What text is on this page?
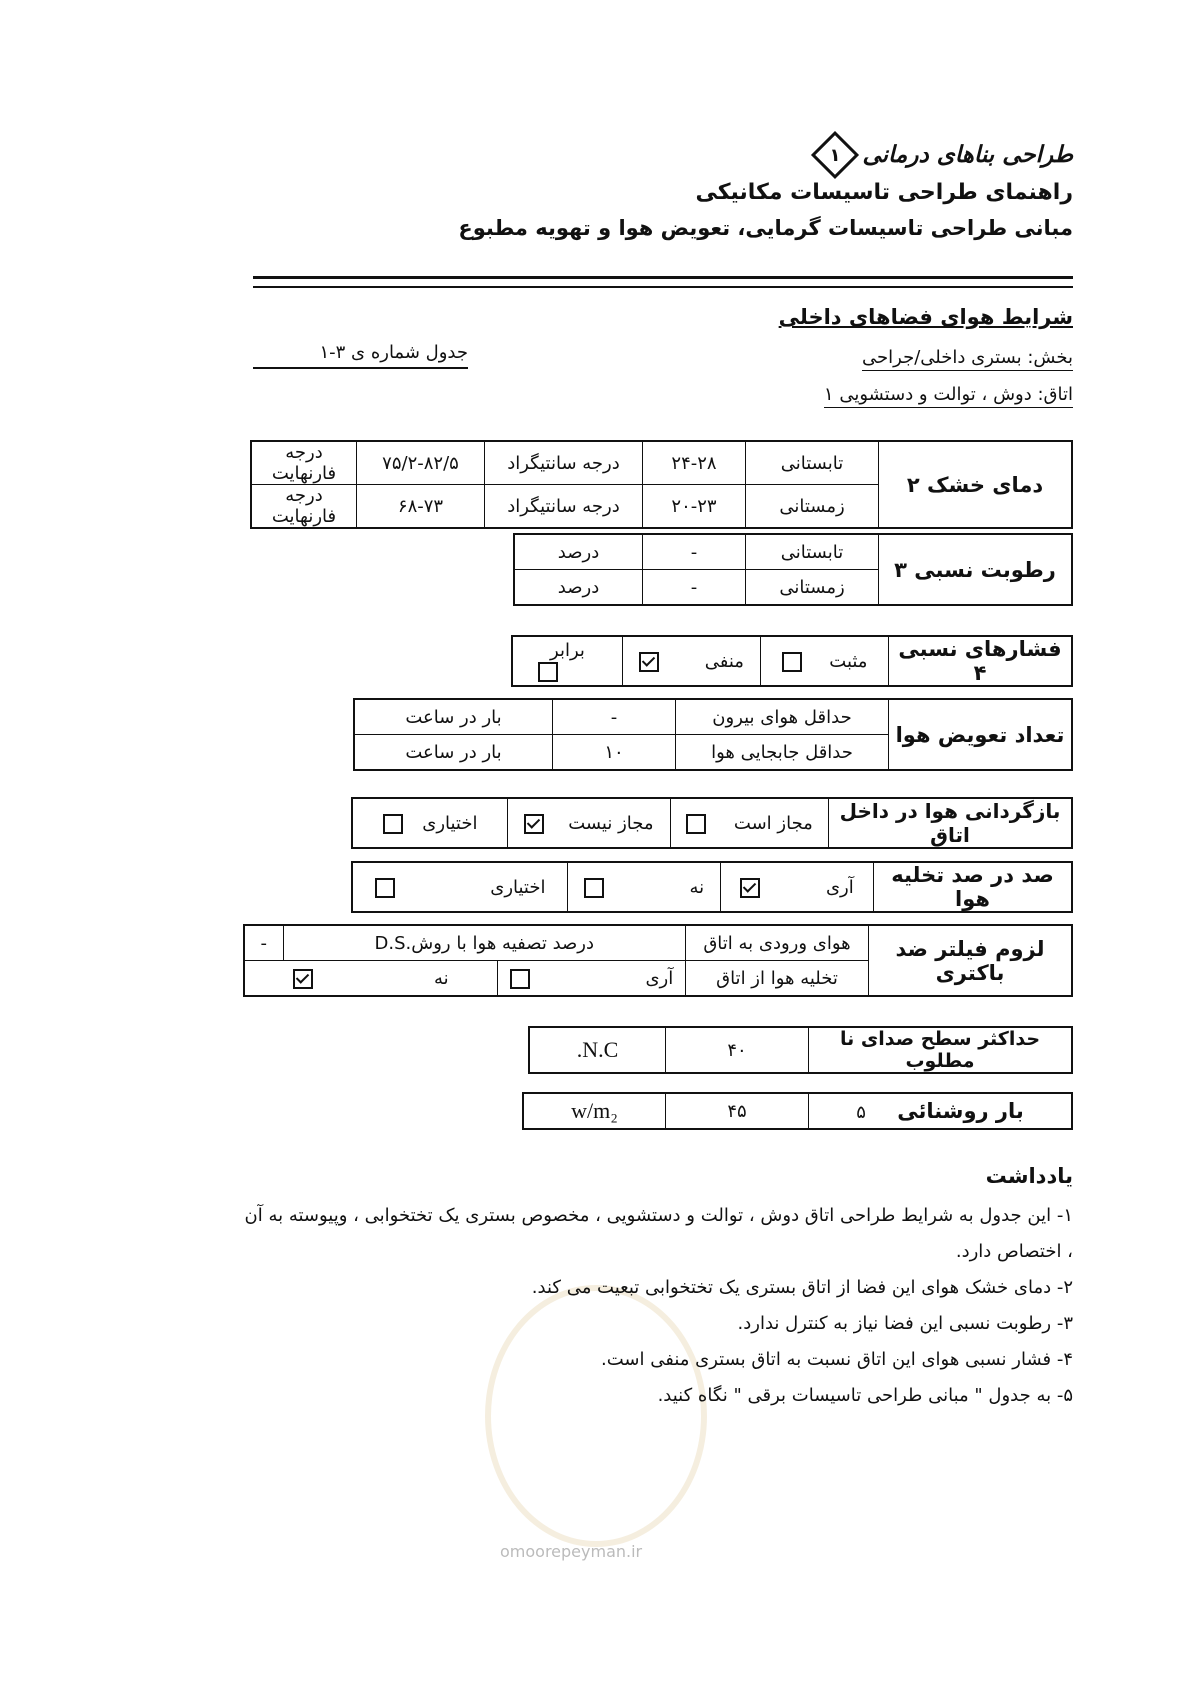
طراحی بناهای درمانی
۱
راهنمای طراحی تاسیسات مکانیکی
مبانی طراحی تاسیسات گرمایی، تعویض هوا و تهویه مطبوع
شرایط هوای فضاهای داخلی
بخش: بستری داخلی/جراحی
اتاق: دوش ، توالت و دستشویی ۱
جدول شماره ی ۳-۱
دمای خشک ۲	تابستانی	۲۴-۲۸	درجه سانتیگراد	۷۵/۲-۸۲/۵	درجه فارنهایت
	زمستانی	۲۰-۲۳	درجه سانتیگراد	۶۸-۷۳	درجه فارنهایت
رطوبت نسبی ۳	تابستانی	-	درصد
	زمستانی	-	درصد
فشارهای نسبی ۴	مثبت	منفی	برابر
تعداد تعویض هوا	حداقل هوای بیرون	-	بار در ساعت
	حداقل جابجایی هوا	۱۰	بار در ساعت
بازگردانی هوا در داخل اتاق	مجاز است	مجاز نیست	اختیاری
صد در صد تخلیه هوا	آری	نه	اختیاری
لزوم فیلتر ضد باکتری	هوای ورودی به اتاق	درصد تصفیه هوا با روش.D.S		-
	تخلیه هوا از اتاق	آری	نه	
حداکثر سطح صدای نا مطلوب	۴۰	N.C.
بار روشنائی ۵	۴۵	w/m₂
omoorepeyman.ir
یادداشت
۱- این جدول به شرایط طراحی اتاق دوش ، توالت و دستشویی ، مخصوص بستری یک تختخوابی ، وپیوسته به آن ، اختصاص دارد.
۲- دمای خشک هوای این فضا از اتاق بستری یک تختخوابی تبعیت می کند.
۳- رطوبت نسبی این فضا نیاز به کنترل ندارد.
۴- فشار نسبی هوای این اتاق نسبت به اتاق بستری منفی است.
۵- به جدول " مبانی طراحی تاسیسات برقی " نگاه کنید.
